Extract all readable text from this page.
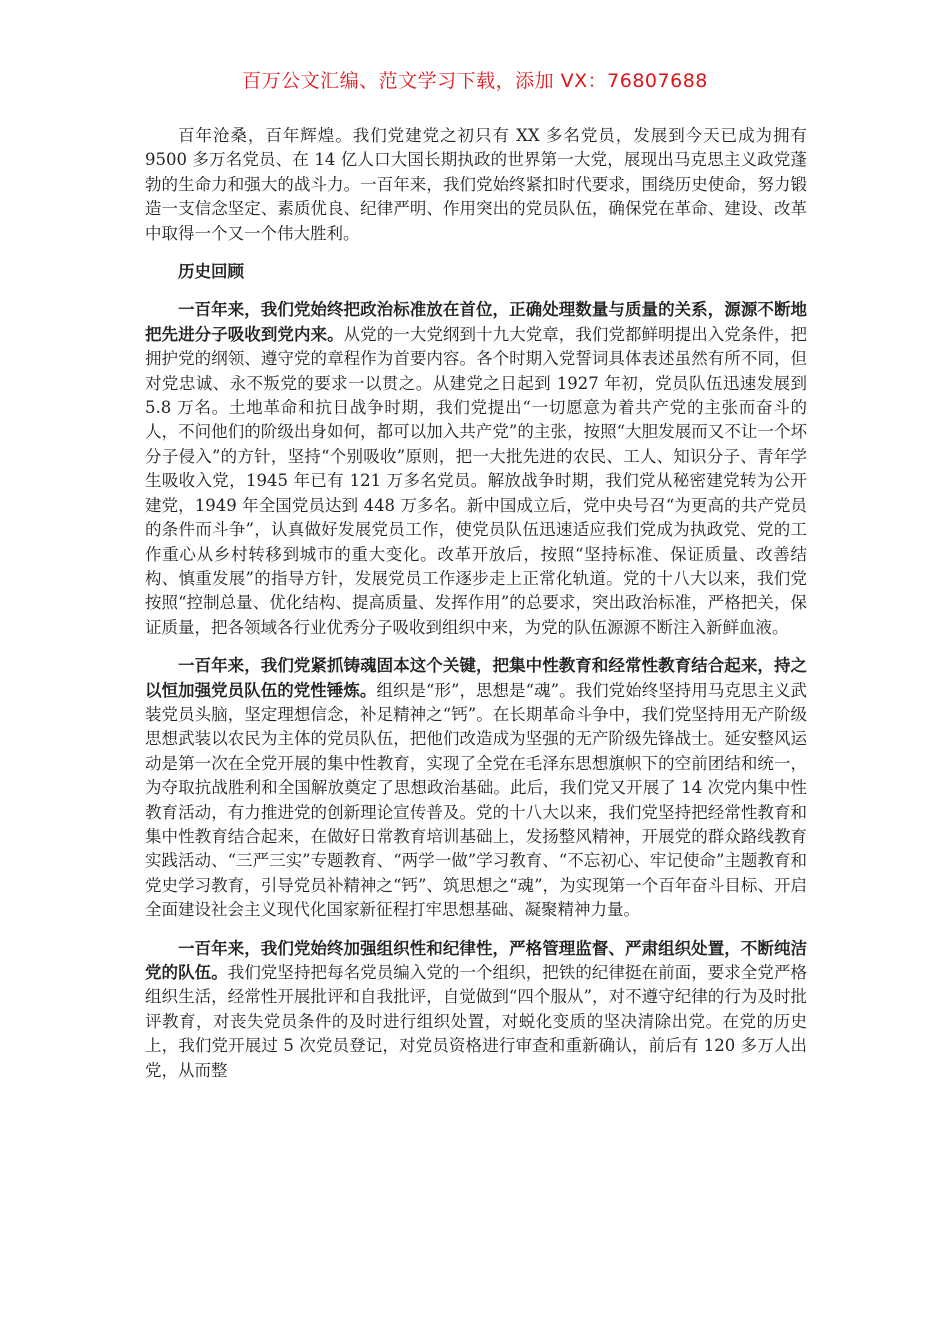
百万公文汇编、范文学习下载，添加 VX：76807688

百年沧桑，百年辉煌。我们党建党之初只有 XX 多名党员，发展到今天已成为拥有 9500 多万名党员、在 14 亿人口大国长期执政的世界第一大党，展现出马克思主义政党蓬勃的生命力和强大的战斗力。一百年来，我们党始终紧扣时代要求，围绕历史使命，努力锻造一支信念坚定、素质优良、纪律严明、作用突出的党员队伍，确保党在革命、建设、改革中取得一个又一个伟大胜利。

历史回顾

一百年来，我们党始终把政治标准放在首位，正确处理数量与质量的关系，源源不断地把先进分子吸收到党内来。从党的一大党纲到十九大党章，我们党都鲜明提出入党条件，把拥护党的纲领、遵守党的章程作为首要内容。各个时期入党誓词具体表述虽然有所不同，但对党忠诚、永不叛党的要求一以贯之。从建党之日起到 1927 年初，党员队伍迅速发展到 5.8 万名。土地革命和抗日战争时期，我们党提出“一切愿意为着共产党的主张而奋斗的人，不问他们的阶级出身如何，都可以加入共产党”的主张，按照“大胆发展而又不让一个坏分子侵入”的方针，坚持“个别吸收”原则，把一大批先进的农民、工人、知识分子、青年学生吸收入党，1945 年已有 121 万多名党员。解放战争时期，我们党从秘密建党转为公开建党，1949 年全国党员达到 448 万多名。新中国成立后，党中央号召“为更高的共产党员的条件而斗争”，认真做好发展党员工作，使党员队伍迅速适应我们党成为执政党、党的工作重心从乡村转移到城市的重大变化。改革开放后，按照“坚持标准、保证质量、改善结构、慎重发展”的指导方针，发展党员工作逐步走上正常化轨道。党的十八大以来，我们党按照“控制总量、优化结构、提高质量、发挥作用”的总要求，突出政治标准，严格把关，保证质量，把各领域各行业优秀分子吸收到组织中来，为党的队伍源源不断注入新鲜血液。

一百年来，我们党紧抓铸魂固本这个关键，把集中性教育和经常性教育结合起来，持之以恒加强党员队伍的党性锤炼。组织是“形”，思想是“魂”。我们党始终坚持用马克思主义武装党员头脑，坚定理想信念，补足精神之“钙”。在长期革命斗争中，我们党坚持用无产阶级思想武装以农民为主体的党员队伍，把他们改造成为坚强的无产阶级先锋战士。延安整风运动是第一次在全党开展的集中性教育，实现了全党在毛泽东思想旗帜下的空前团结和统一，为夺取抗战胜利和全国解放奠定了思想政治基础。此后，我们党又开展了 14 次党内集中性教育活动，有力推进党的创新理论宣传普及。党的十八大以来，我们党坚持把经常性教育和集中性教育结合起来，在做好日常教育培训基础上，发扬整风精神，开展党的群众路线教育实践活动、“三严三实”专题教育、“两学一做”学习教育、“不忘初心、牢记使命”主题教育和党史学习教育，引导党员补精神之“钙”、筑思想之“魂”，为实现第一个百年奋斗目标、开启全面建设社会主义现代化国家新征程打牢思想基础、凝聚精神力量。

一百年来，我们党始终加强组织性和纪律性，严格管理监督、严肃组织处置，不断纯洁党的队伍。我们党坚持把每名党员编入党的一个组织，把铁的纪律挺在前面，要求全党严格组织生活，经常性开展批评和自我批评，自觉做到“四个服从”，对不遵守纪律的行为及时批评教育，对丧失党员条件的及时进行组织处置，对蜕化变质的坚决清除出党。在党的历史上，我们党开展过 5 次党员登记，对党员资格进行审查和重新确认，前后有 120 多万人出党，从而整
